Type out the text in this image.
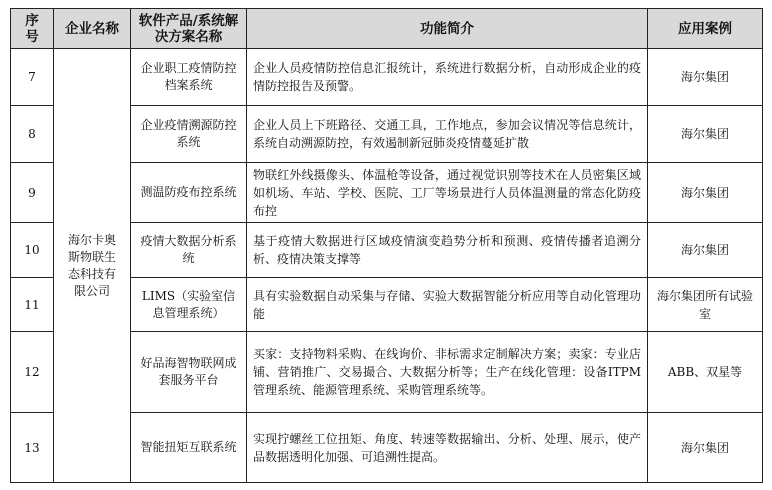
序号	企业名称	软件产品/系统解决方案名称	功能简介	应用案例
7	海尔卡奥斯物联生态科技有限公司	企业职工疫情防控档案系统	企业人员疫情防控信息汇报统计，系统进行数据分析，自动形成企业的疫情防控报告及预警。	海尔集团
8		企业疫情溯源防控系统	企业人员上下班路径、交通工具，工作地点，参加会议情况等信息统计，系统自动溯源防控，有效遏制新冠肺炎疫情蔓延扩散	海尔集团
9		测温防疫布控系统	物联红外线摄像头、体温枪等设备，通过视觉识别等技术在人员密集区域如机场、车站、学校、医院、工厂等场景进行人员体温测量的常态化防疫布控	海尔集团
10		疫情大数据分析系统	基于疫情大数据进行区域疫情演变趋势分析和预测、疫情传播者追溯分析、疫情决策支撑等	海尔集团
11		LIMS（实验室信息管理系统）	具有实验数据自动采集与存储、实验大数据智能分析应用等自动化管理功能	海尔集团所有试验室
12		好品海智物联网成套服务平台	买家：支持物料采购、在线询价、非标需求定制解决方案；卖家：专业店铺、营销推广、交易撮合、大数据分析等；生产在线化管理：设备ITPM管理系统、能源管理系统、采购管理系统等。	ABB、双星等
13		智能扭矩互联系统	实现拧螺丝工位扭矩、角度、转速等数据输出、分析、处理、展示，使产品数据透明化加强、可追溯性提高。	海尔集团
